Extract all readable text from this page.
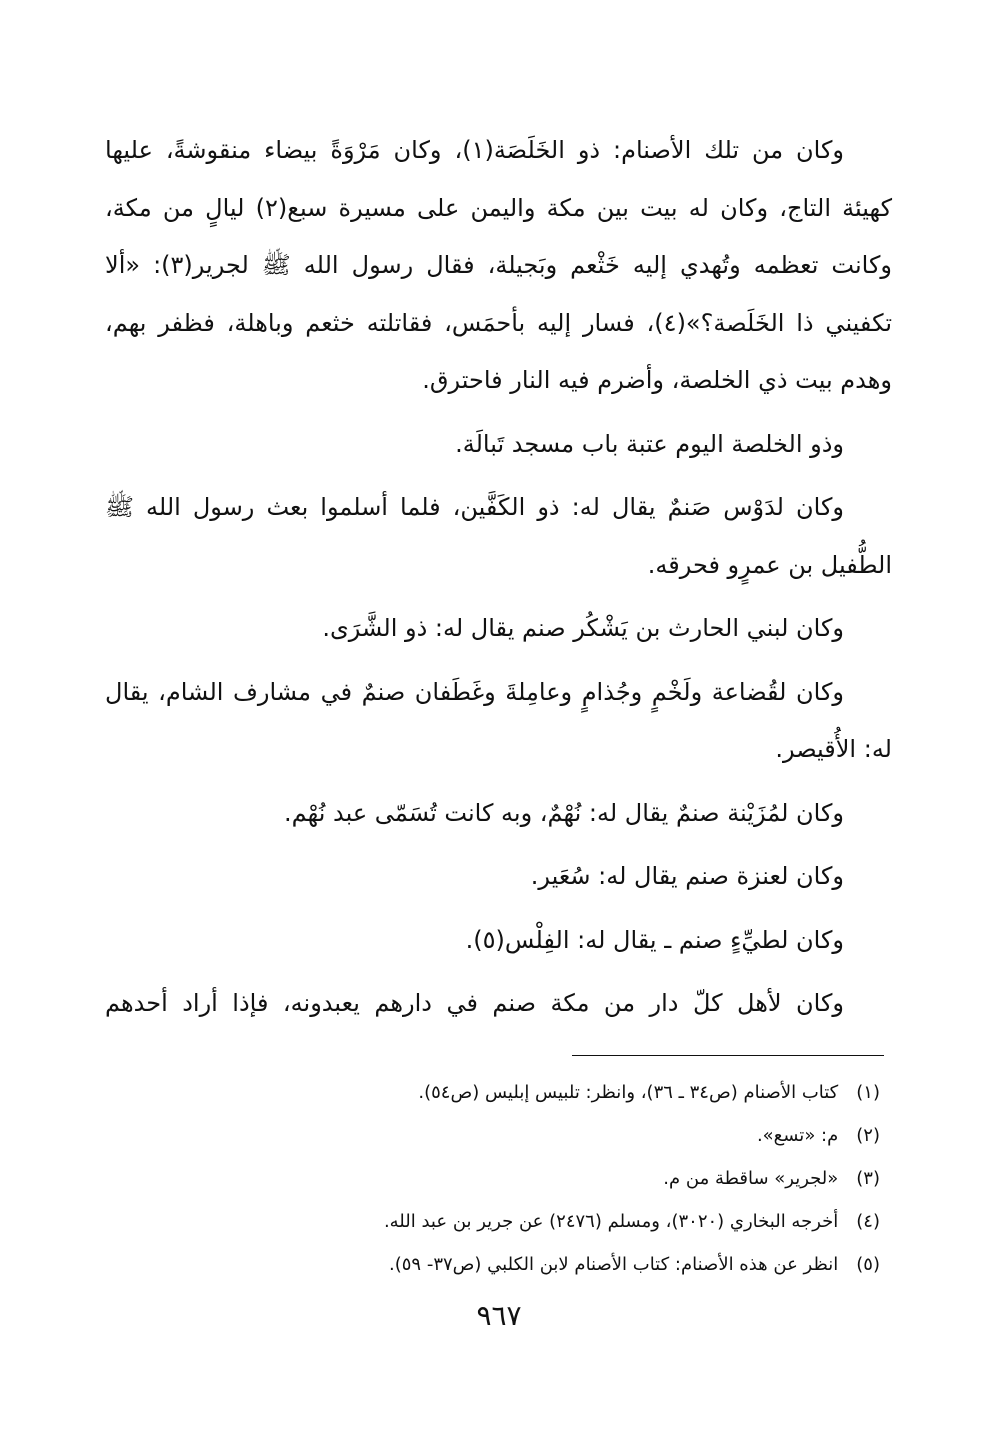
وكان من تلك الأصنام: ذو الخَلَصَة(١)، وكان مَرْوَةً بيضاء منقوشةً، عليها كهيئة التاج، وكان له بيت بين مكة واليمن على مسيرة سبع(٢) ليالٍ من مكة، وكانت تعظمه وتُهدي إليه خَثْعم وبَجيلة، فقال رسول الله ﷺ لجرير(٣): «ألا تكفيني ذا الخَلَصة؟»(٤)، فسار إليه بأحمَس، فقاتلته خثعم وباهلة، فظفر بهم، وهدم بيت ذي الخلصة، وأضرم فيه النار فاحترق.

وذو الخلصة اليوم عتبة باب مسجد تَبالَة.

وكان لدَوْس صَنمٌ يقال له: ذو الكَفَّين، فلما أسلموا بعث رسول الله ﷺ الطُّفيل بن عمرٍو فحرقه.

وكان لبني الحارث بن يَشْكُر صنم يقال له: ذو الشَّرَى.

وكان لقُضاعة ولَخْمٍ وجُذامٍ وعامِلةَ وغَطَفان صنمٌ في مشارف الشام، يقال له: الأُقيصر.

وكان لمُزَيْنة صنمٌ يقال له: نُهْمٌ، وبه كانت تُسَمّى عبد نُهْم.

وكان لعنزة صنم يقال له: سُعَير.

وكان لطيِّءٍ صنم ـ يقال له: الفِلْس(٥).

وكان لأهل كلّ دار من مكة صنم في دارهم يعبدونه، فإذا أراد أحدهم

(١) كتاب الأصنام (ص٣٤ ـ ٣٦)، وانظر: تلبيس إبليس (ص٥٤).

(٢) م: «تسع».

(٣) «لجرير» ساقطة من م.

(٤) أخرجه البخاري (٣٠٢٠)، ومسلم (٢٤٧٦) عن جرير بن عبد الله.

(٥) انظر عن هذه الأصنام: كتاب الأصنام لابن الكلبي (ص٣٧- ٥٩).

٩٦٧
